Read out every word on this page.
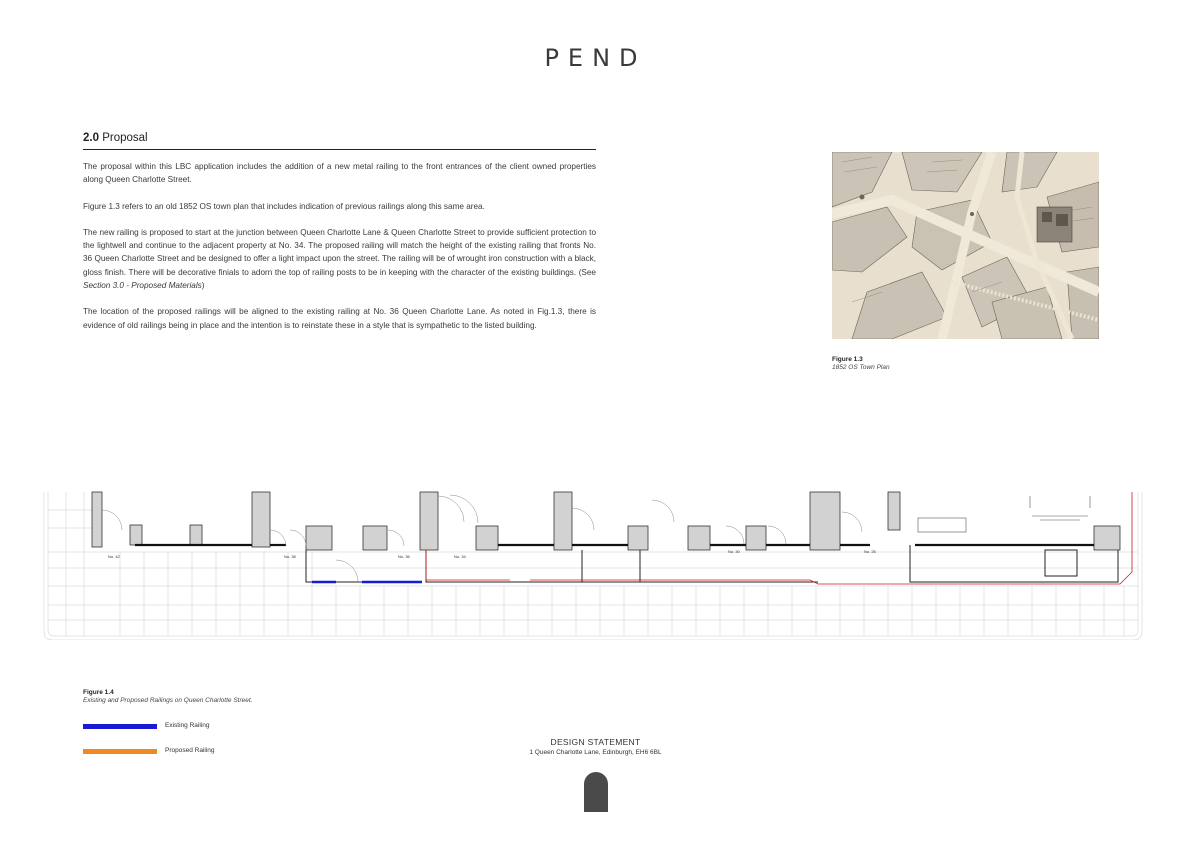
PEND
2.0 Proposal

The proposal within this LBC application includes the addition of a new metal railing to the front entrances of the client owned properties along Queen Charlotte Street.

Figure 1.3 refers to an old 1852 OS town plan that includes indication of previous railings along this same area.

The new railing is proposed to start at the junction between Queen Charlotte Lane & Queen Charlotte Street to provide sufficient protection to the lightwell and continue to the adjacent property at No. 34. The proposed railing will match the height of the existing railing that fronts No. 36 Queen Charlotte Street and be designed to offer a light impact upon the street. The railing will be of wrought iron construction with a black, gloss finish. There will be decorative finials to adorn the top of railing posts to be in keeping with the character of the existing buildings. (See Section 3.0 - Proposed Materials)

The location of the proposed railings will be aligned to the existing railing at No. 36 Queen Charlotte Lane. As noted in Fig.1.3, there is evidence of old railings being in place and the intention is to reinstate these in a style that is sympathetic to the listed building.

Figure 1.3
1852 OS Town Plan
No. 42	No. 38	No. 36	No. 34
No. 30	No. 26
Figure 1.4
Existing and Proposed Railings on Queen Charlotte Street.
Existing Railing
Proposed Railing
DESIGN STATEMENT
1 Queen Charlotte Lane, Edinburgh, EH6 6BL
